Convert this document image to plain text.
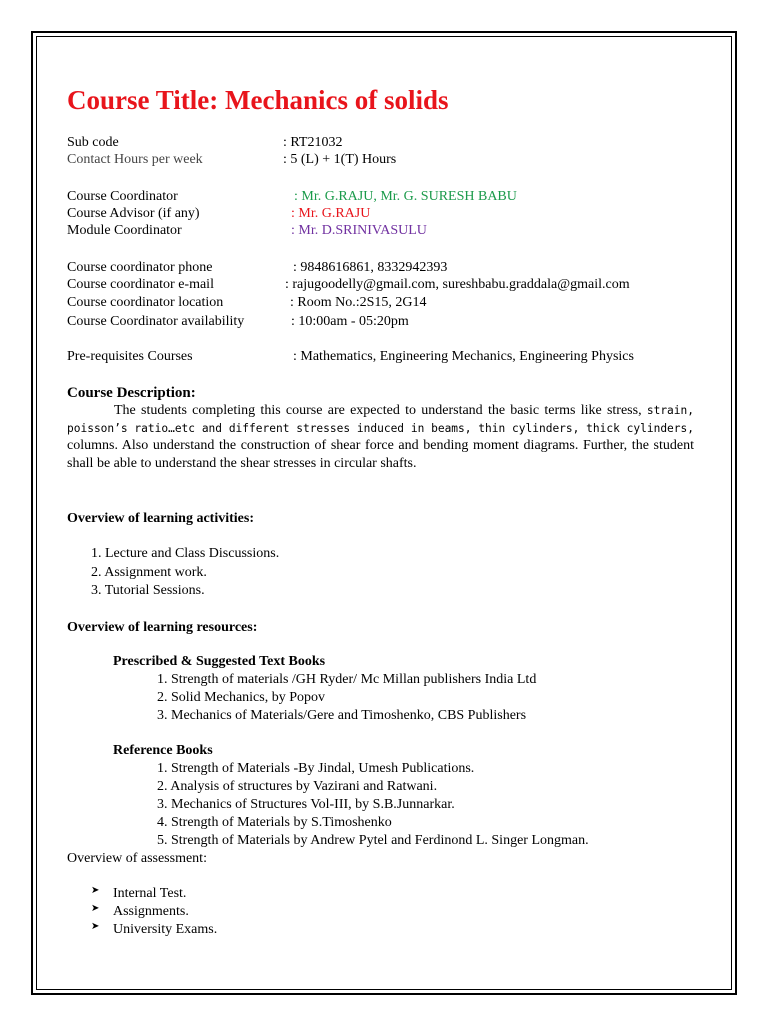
Course Title: Mechanics of solids
Sub code	: RT21032
Contact Hours per week	: 5 (L) + 1(T) Hours
Course Coordinator	: Mr. G.RAJU, Mr. G. SURESH BABU
Course Advisor (if any)	: Mr. G.RAJU
Module Coordinator	: Mr. D.SRINIVASULU
Course coordinator phone	: 9848616861, 8332942393
Course coordinator e-mail	: rajugoodelly@gmail.com, sureshbabu.graddala@gmail.com
Course coordinator location	: Room No.:2S15, 2G14
Course Coordinator availability	: 10:00am - 05:20pm
Pre-requisites Courses	: Mathematics, Engineering Mechanics, Engineering Physics
Course Description:

The students completing this course are expected to understand the basic terms like stress, strain, poisson’s ratio…etc and different stresses induced in beams, thin cylinders, thick cylinders, columns. Also understand the construction of shear force and bending moment diagrams. Further, the student shall be able to understand the shear stresses in circular shafts.

Overview of learning activities:
1. Lecture and Class Discussions.
2. Assignment work.
3. Tutorial Sessions.
Overview of learning resources:
Prescribed & Suggested Text Books
1. Strength of materials /GH Ryder/ Mc Millan publishers India Ltd
2. Solid Mechanics, by Popov
3. Mechanics of Materials/Gere and Timoshenko, CBS Publishers
Reference Books
1. Strength of Materials -By Jindal, Umesh Publications.
2. Analysis of structures by Vazirani and Ratwani.
3. Mechanics of Structures Vol-III, by S.B.Junnarkar.
4. Strength of Materials by S.Timoshenko
5. Strength of Materials by Andrew Pytel and Ferdinond L. Singer Longman.
Overview of assessment:
➤ Internal Test.
➤ Assignments.
➤ University Exams.
